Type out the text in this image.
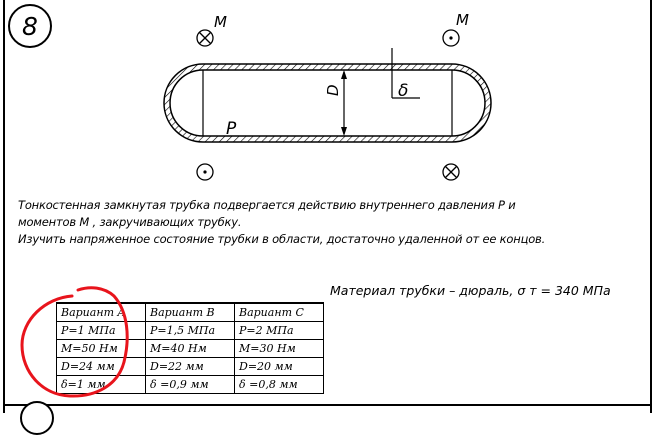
8
D	δ
P
M	M
Тонкостенная замкнутая трубка подвергается действию внутреннего давления P и
моментов M , закручивающих трубку.
Изучить напряженное состояние трубки в области, достаточно удаленной от ее концов.
Материал трубки – дюраль, σ т = 340 МПа
Вариант A	Вариант B	Вариант C
P=1 МПа	P=1,5 МПа	P=2 МПа
M=50 Нм	M=40 Нм	M=30 Нм
D=24 мм	D=22 мм	D=20 мм
δ=1 мм	δ =0,9 мм	δ =0,8 мм
